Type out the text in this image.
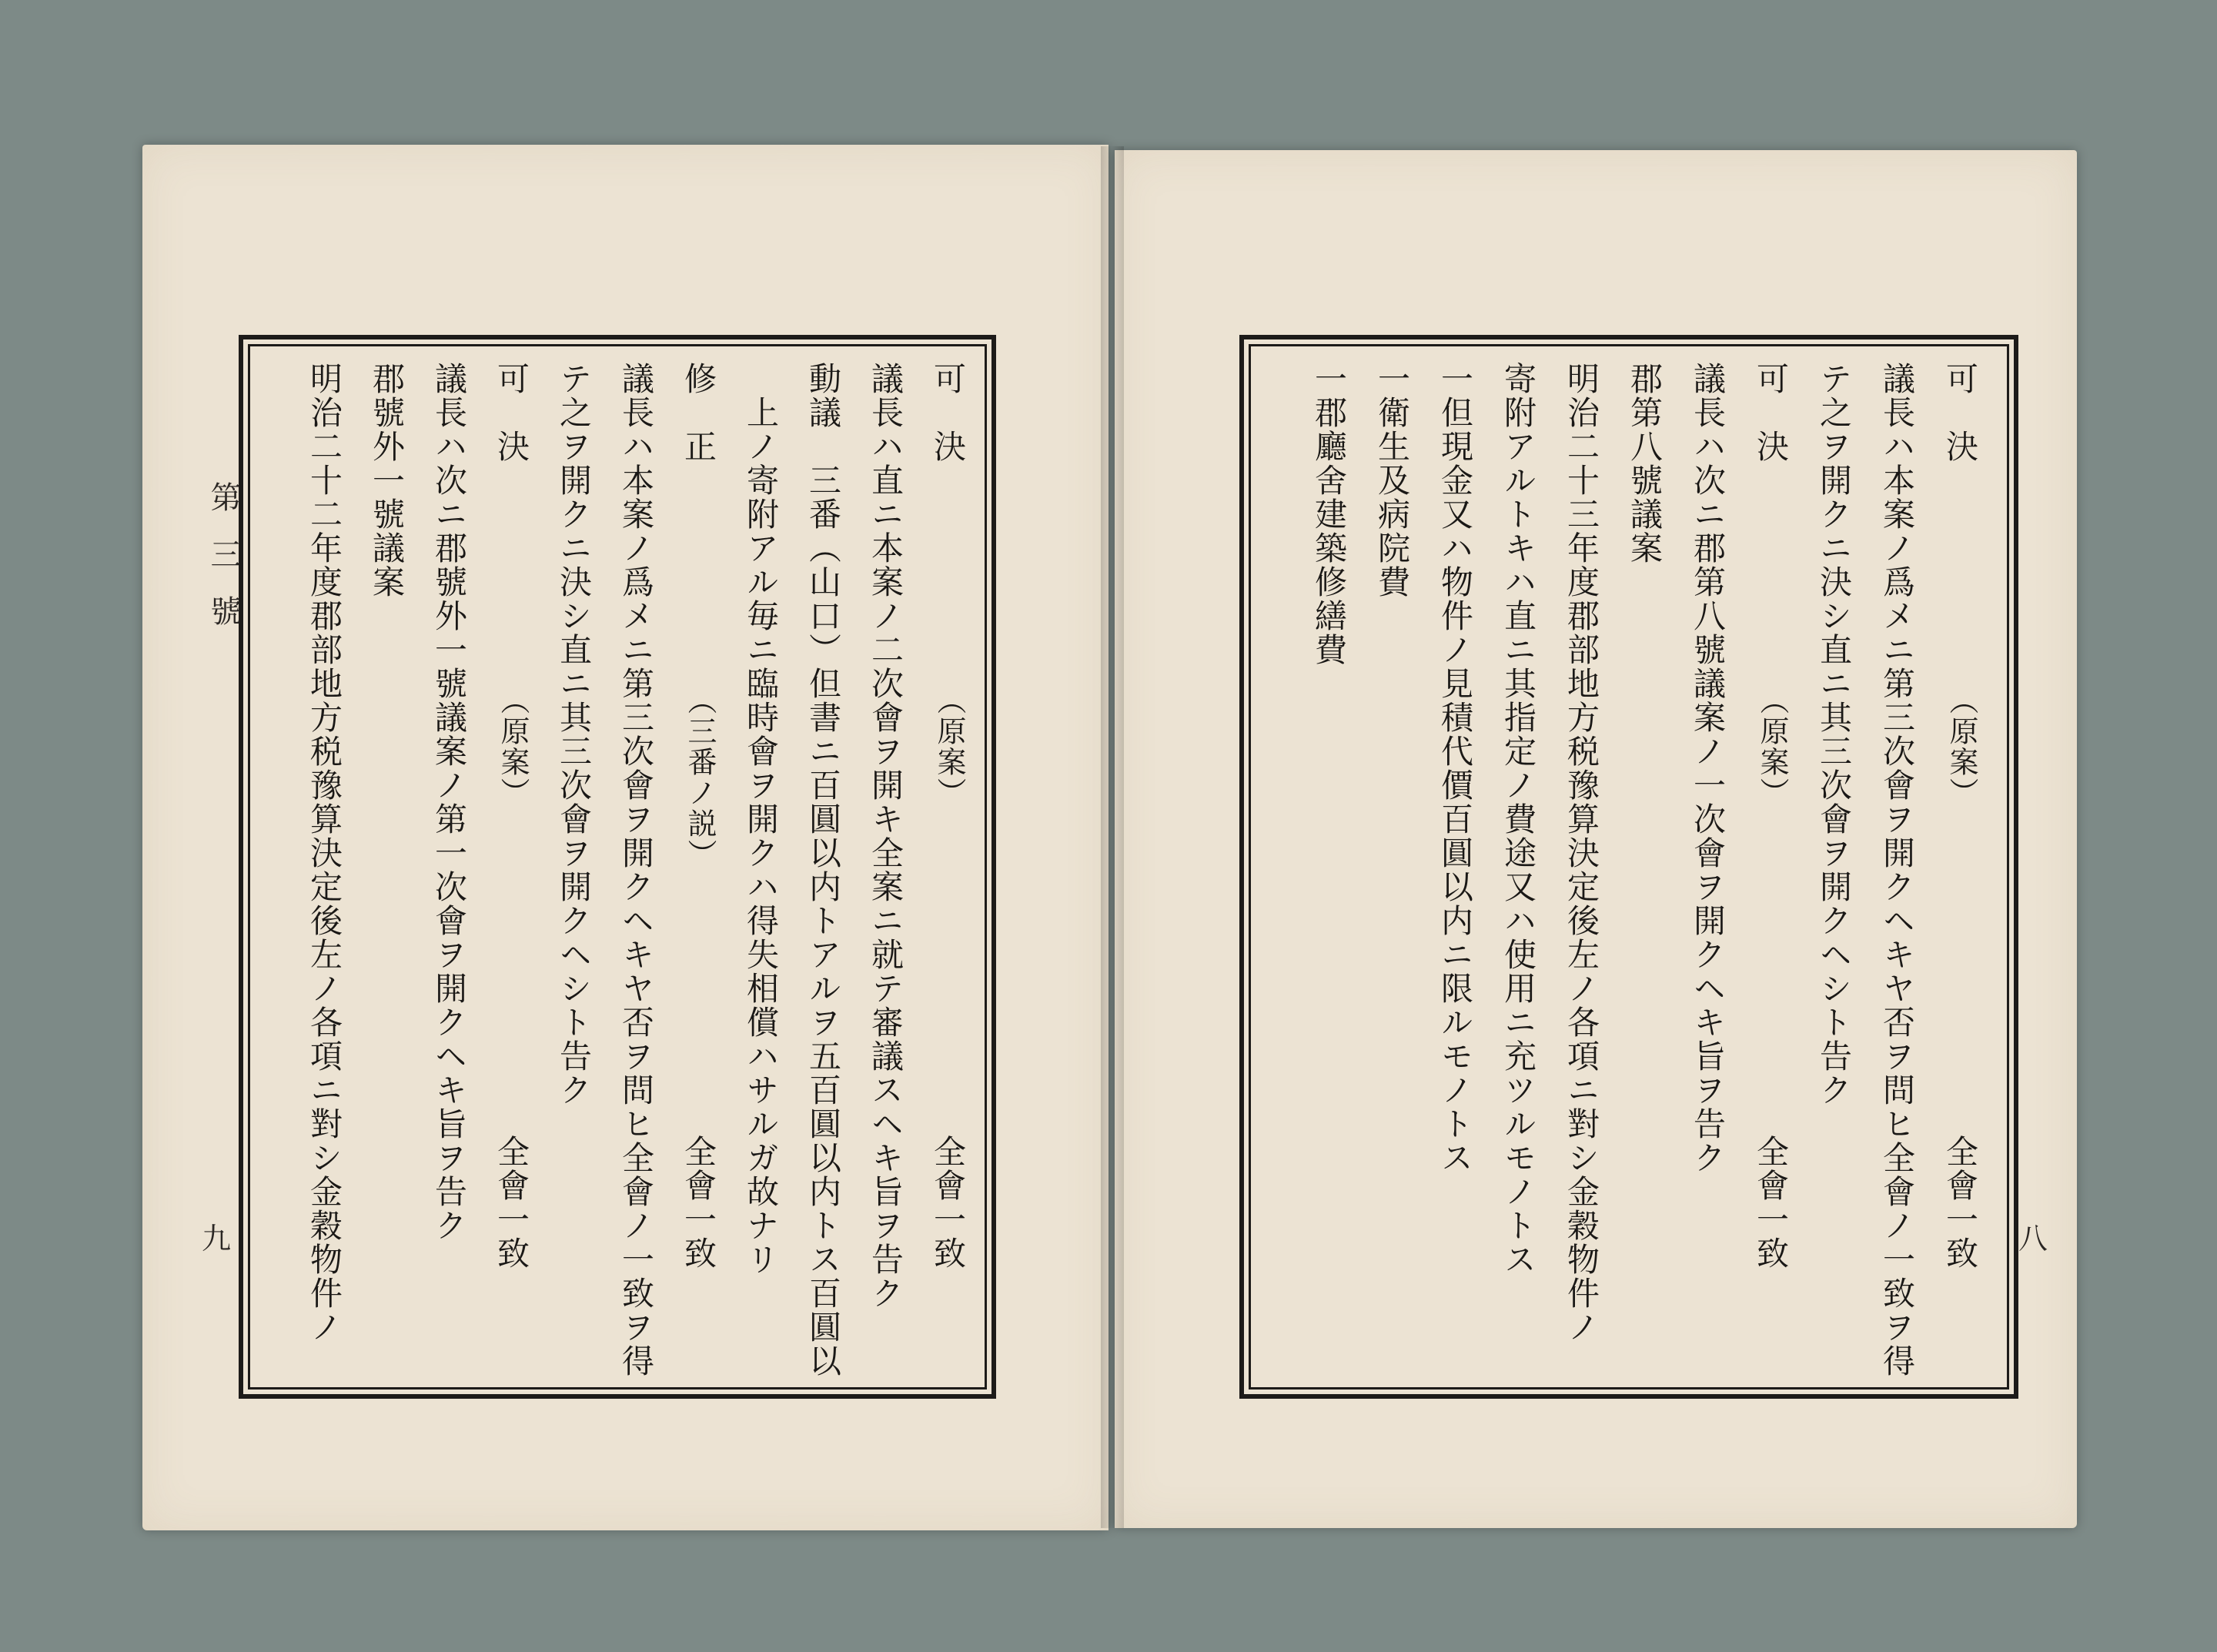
第三號
九	八
可　決
（原案）
全會一致
議長ハ直ニ本案ノ二次會ヲ開キ全案ニ就テ審議スヘキ旨ヲ告ク
動議　三番（山口）但書ニ百圓以内トアルヲ五百圓以内トス百圓以
　上ノ寄附アル毎ニ臨時會ヲ開クハ得失相償ハサルガ故ナリ
修　正
（三番ノ説）
全會一致
議長ハ本案ノ爲メニ第三次會ヲ開クヘキヤ否ヲ問ヒ全會ノ一致ヲ得
テ之ヲ開クニ決シ直ニ其三次會ヲ開クヘシト告ク
可　決
（原案）
全會一致
議長ハ次ニ郡號外一號議案ノ第一次會ヲ開クヘキ旨ヲ告ク
郡號外一號議案
明治二十二年度郡部地方税豫算決定後左ノ各項ニ對シ金穀物件ノ	可　決
（原案）
全會一致
議長ハ本案ノ爲メニ第三次會ヲ開クヘキヤ否ヲ問ヒ全會ノ一致ヲ得
テ之ヲ開クニ決シ直ニ其三次會ヲ開クヘシト告ク
可　決
（原案）
全會一致
議長ハ次ニ郡第八號議案ノ一次會ヲ開クヘキ旨ヲ告ク
郡第八號議案
明治二十三年度郡部地方税豫算決定後左ノ各項ニ對シ金穀物件ノ
寄附アルトキハ直ニ其指定ノ費途又ハ使用ニ充ツルモノトス
一但現金又ハ物件ノ見積代價百圓以内ニ限ルモノトス
一衛生及病院費
一郡廳舍建築修繕費
